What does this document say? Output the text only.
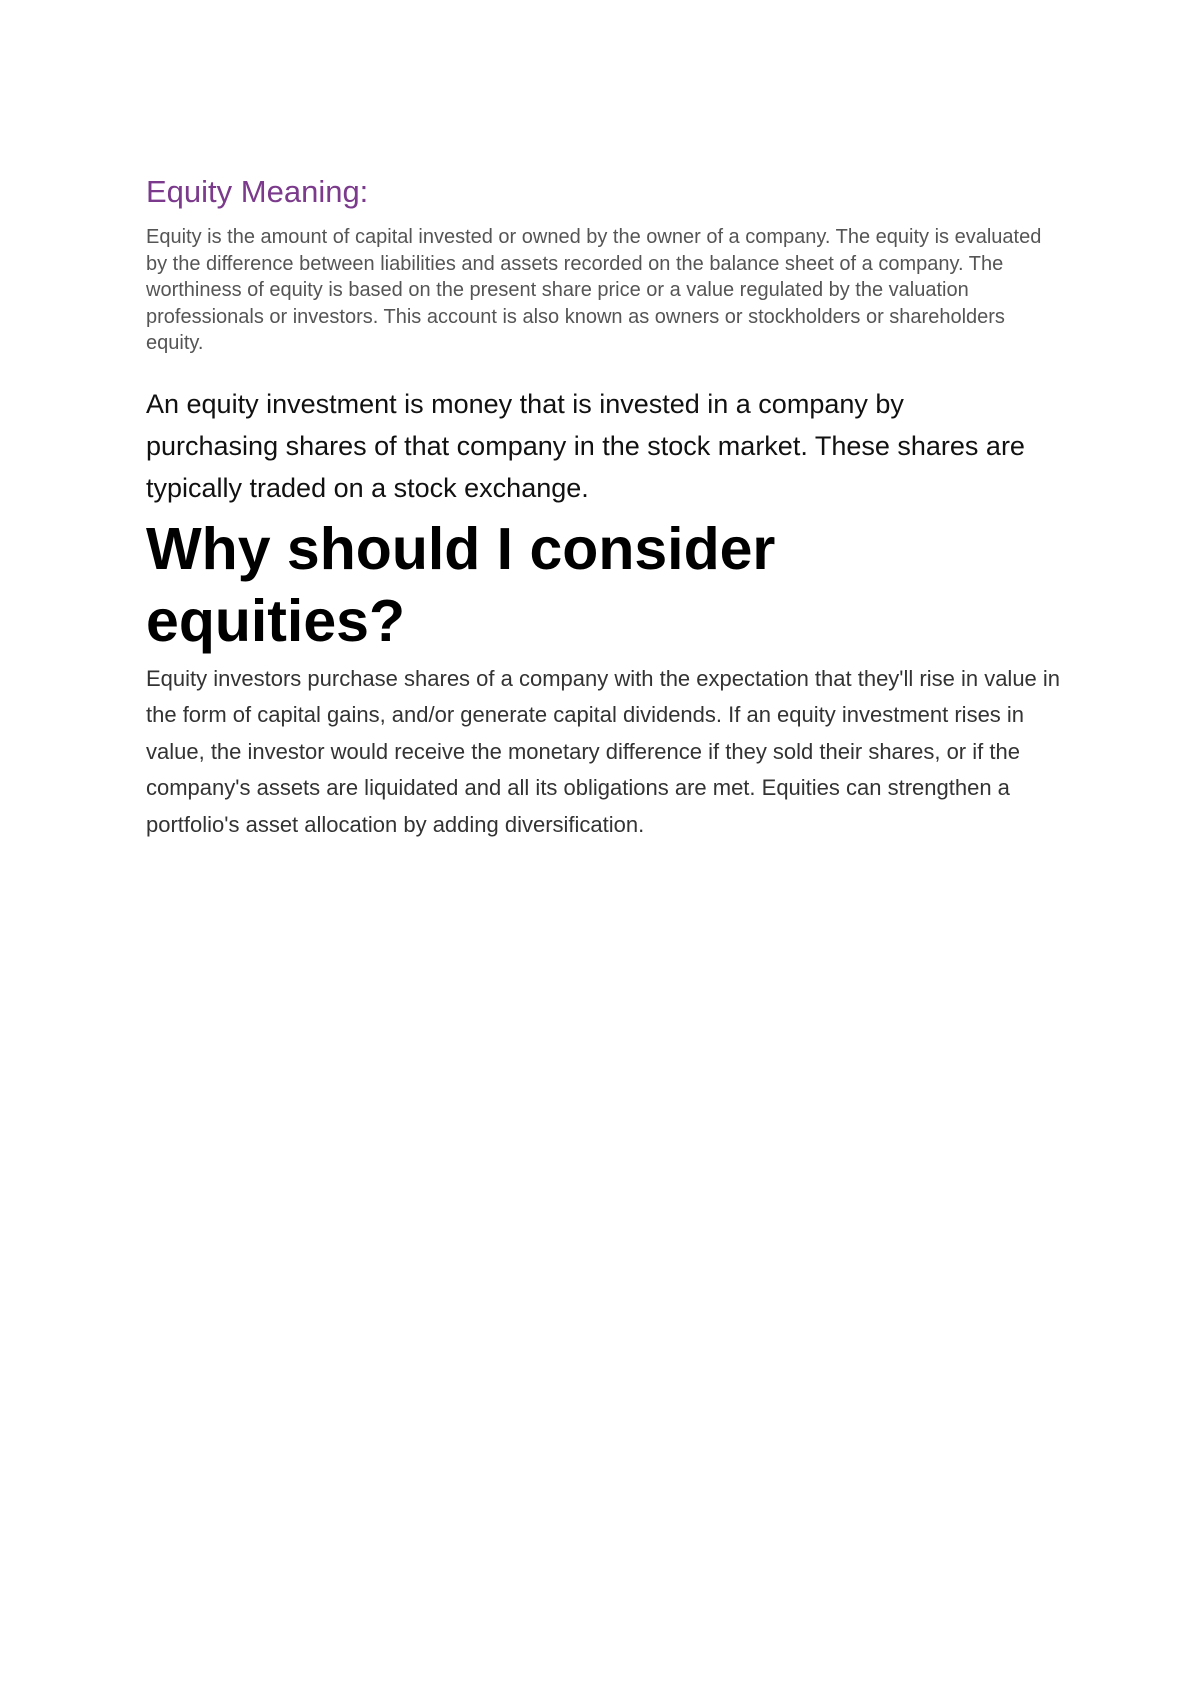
Equity Meaning:

Equity is the amount of capital invested or owned by the owner of a company. The equity is evaluated by the difference between liabilities and assets recorded on the balance sheet of a company. The worthiness of equity is based on the present share price or a value regulated by the valuation professionals or investors. This account is also known as owners or stockholders or shareholders equity.

An equity investment is money that is invested in a company by purchasing shares of that company in the stock market. These shares are typically traded on a stock exchange.

Why should I consider equities?

Equity investors purchase shares of a company with the expectation that they'll rise in value in the form of capital gains, and/or generate capital dividends. If an equity investment rises in value, the investor would receive the monetary difference if they sold their shares, or if the company's assets are liquidated and all its obligations are met. Equities can strengthen a portfolio's asset allocation by adding diversification.
